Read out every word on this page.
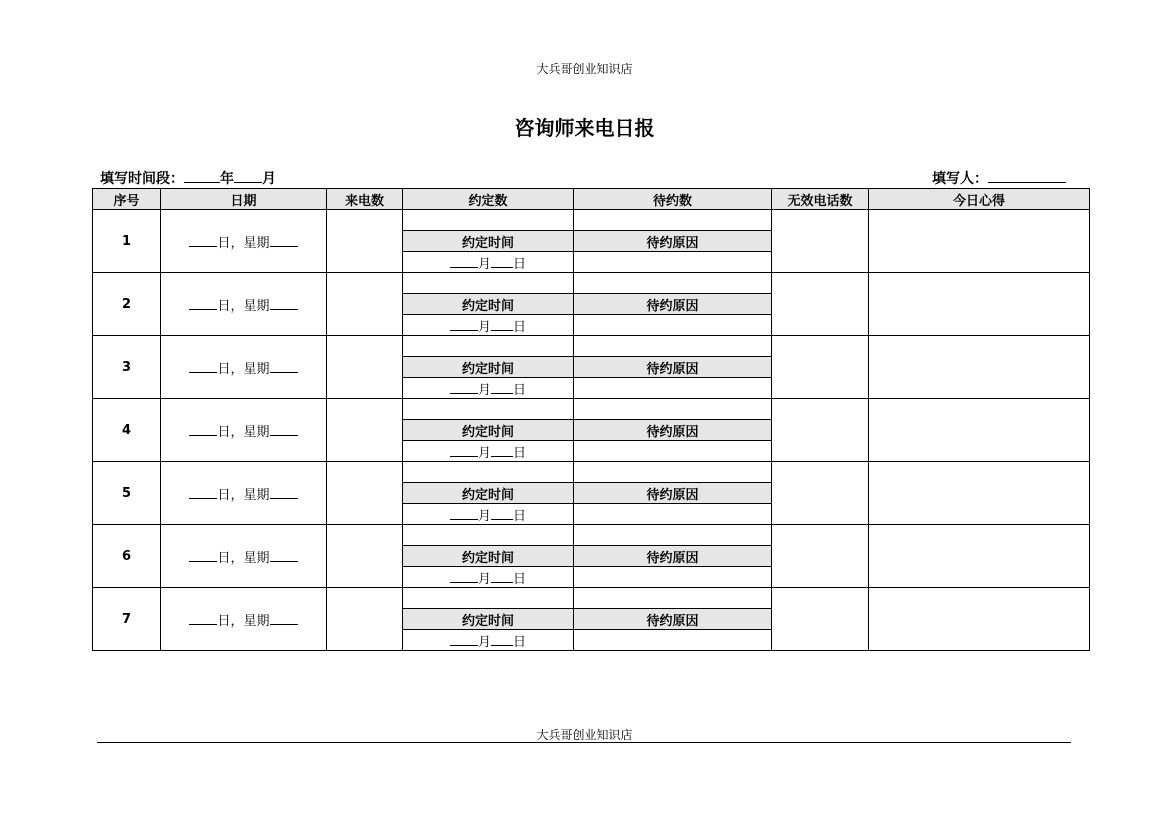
大兵哥创业知识店
咨询师来电日报
填写时间段：	年 月	填写人：
序号	日期	来电数	约定数	待约数	无效电话数	今日心得
1	日，星期					
			约定时间	待约原因		
			月 日			
2	日，星期					
			约定时间	待约原因		
			月 日			
3	日，星期					
			约定时间	待约原因		
			月 日			
4	日，星期					
			约定时间	待约原因		
			月 日			
5	日，星期					
			约定时间	待约原因		
			月 日			
6	日，星期					
			约定时间	待约原因		
			月 日			
7	日，星期					
			约定时间	待约原因		
			月 日			
大兵哥创业知识店
